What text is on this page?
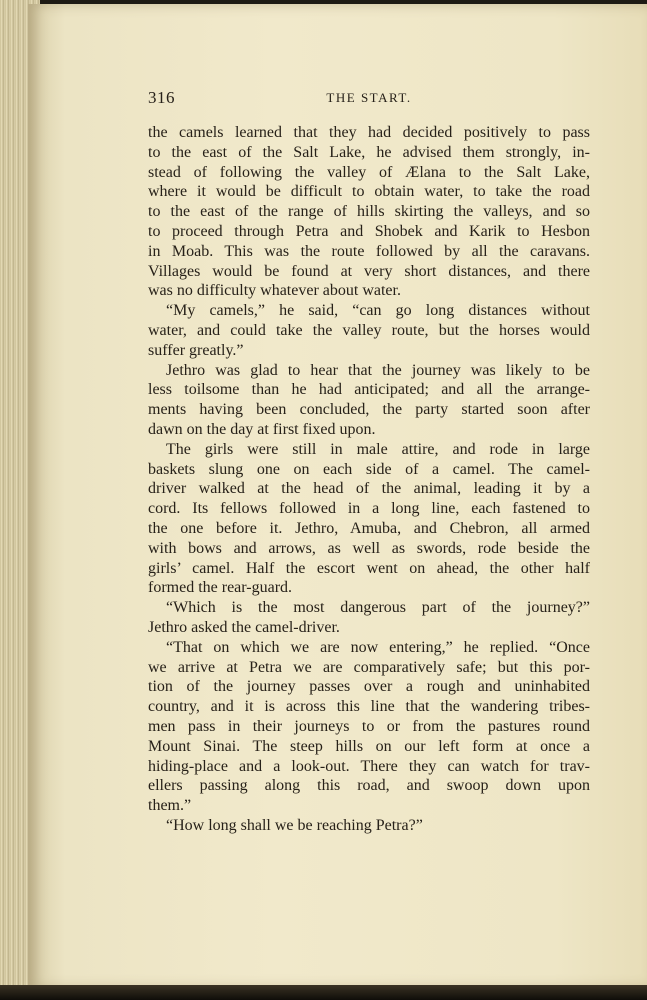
316	THE START.
the camels learned that they had decided positively to pass
to the east of the Salt Lake, he advised them strongly, in-
stead of following the valley of Ælana to the Salt Lake,
where it would be difficult to obtain water, to take the road
to the east of the range of hills skirting the valleys, and so
to proceed through Petra and Shobek and Karik to Hesbon
in Moab. This was the route followed by all the caravans.
Villages would be found at very short distances, and there
was no difficulty whatever about water.
“My camels,” he said, “can go long distances without
water, and could take the valley route, but the horses would
suffer greatly.”
Jethro was glad to hear that the journey was likely to be
less toilsome than he had anticipated; and all the arrange-
ments having been concluded, the party started soon after
dawn on the day at first fixed upon.
The girls were still in male attire, and rode in large
baskets slung one on each side of a camel. The camel-
driver walked at the head of the animal, leading it by a
cord. Its fellows followed in a long line, each fastened to
the one before it. Jethro, Amuba, and Chebron, all armed
with bows and arrows, as well as swords, rode beside the
girls’ camel. Half the escort went on ahead, the other half
formed the rear-guard.
“Which is the most dangerous part of the journey?”
Jethro asked the camel-driver.
“That on which we are now entering,” he replied. “Once
we arrive at Petra we are comparatively safe; but this por-
tion of the journey passes over a rough and uninhabited
country, and it is across this line that the wandering tribes-
men pass in their journeys to or from the pastures round
Mount Sinai. The steep hills on our left form at once a
hiding-place and a look-out. There they can watch for trav-
ellers passing along this road, and swoop down upon
them.”
“How long shall we be reaching Petra?”
